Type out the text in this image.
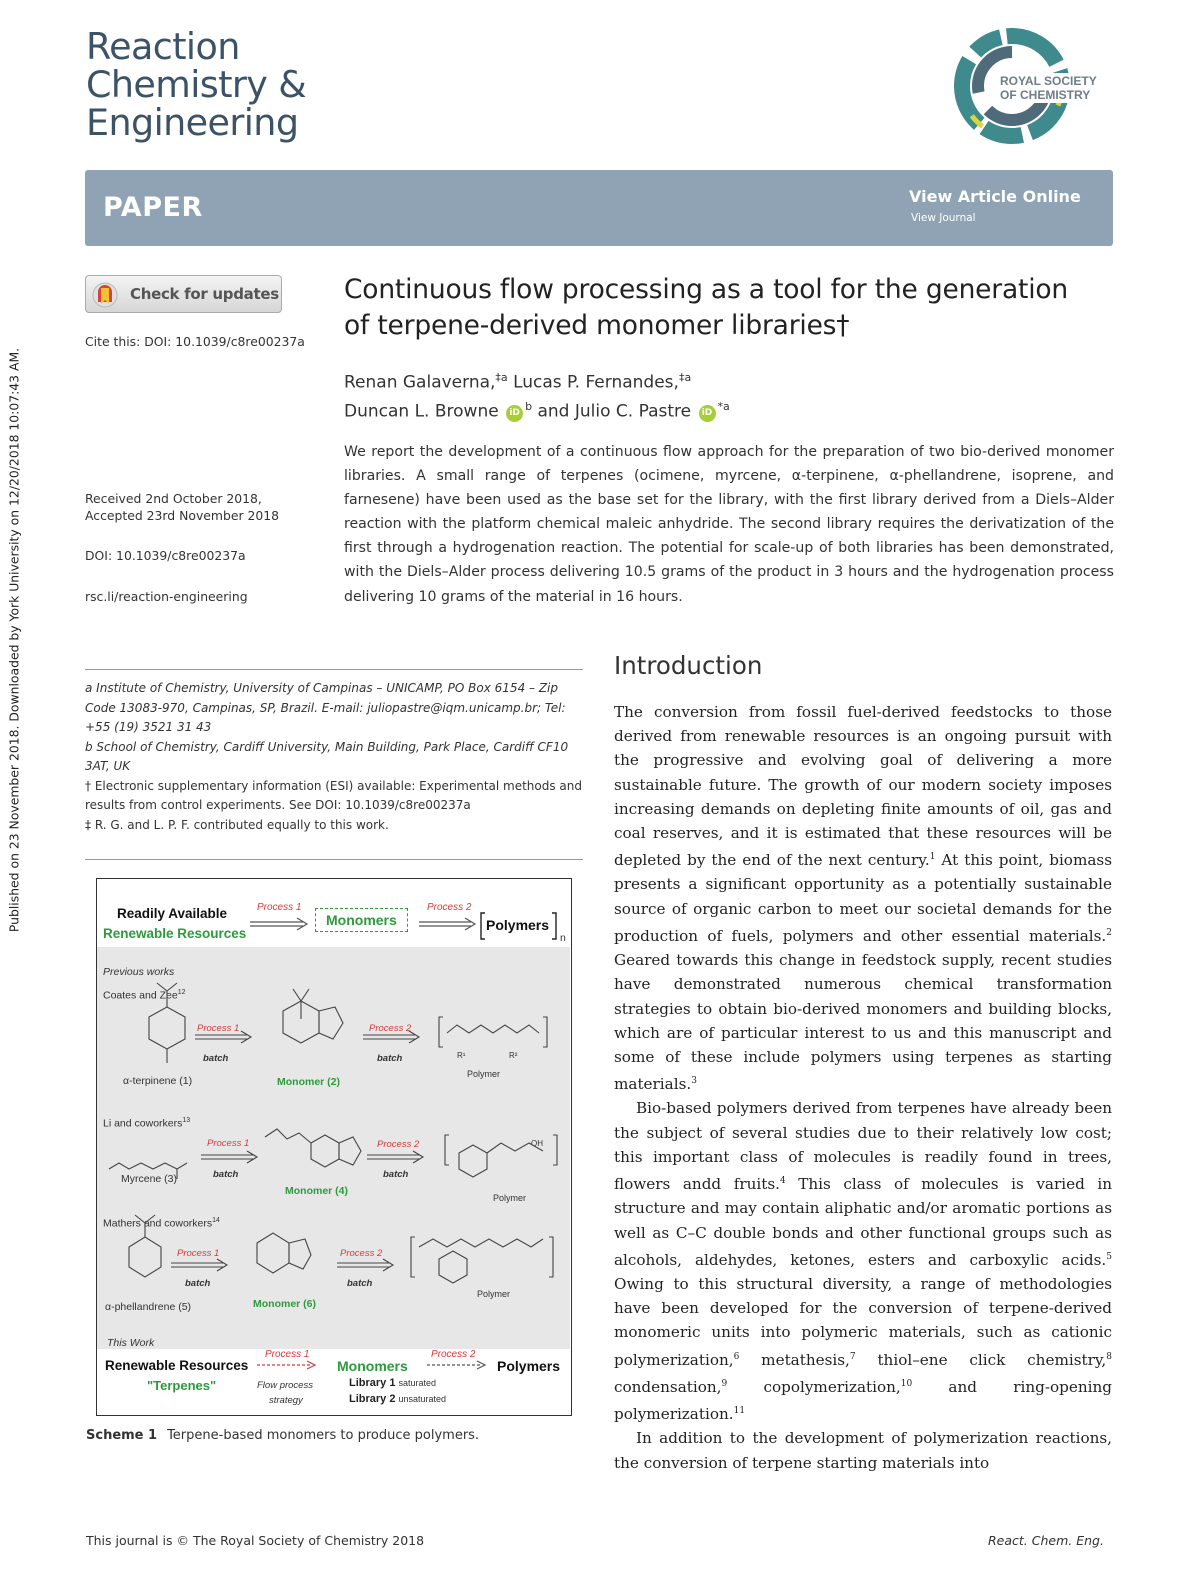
Published on 23 November 2018. Downloaded by York University on 12/20/2018 10:07:43 AM.
Reaction
Chemistry &
Engineering
ROYAL SOCIETY
OF CHEMISTRY
PAPER	View Article Online
View Journal
Check for updates
Cite this: DOI: 10.1039/c8re00237a
Received 2nd October 2018,
Accepted 23rd November 2018
DOI: 10.1039/c8re00237a
rsc.li/reaction-engineering
Continuous flow processing as a tool for the generation of terpene-derived monomer libraries†
Renan Galaverna,$^{\ddagger a}$ Lucas P. Fernandes,$^{\ddagger a}$
Duncan L. Browne $iD^b$ and Julio C. Pastre $iD^{*a}$
We report the development of a continuous flow approach for the preparation of two bio-derived monomer libraries. A small range of terpenes (ocimene, myrcene, α-terpinene, α-phellandrene, isoprene, and farnesene) have been used as the base set for the library, with the first library derived from a Diels–Alder reaction with the platform chemical maleic anhydride. The second library requires the derivatization of the first through a hydrogenation reaction. The potential for scale-up of both libraries has been demonstrated, with the Diels–Alder process delivering 10.5 grams of the product in 3 hours and the hydrogenation process delivering 10 grams of the material in 16 hours.

a Institute of Chemistry, University of Campinas – UNICAMP, PO Box 6154 – Zip Code 13083-970, Campinas, SP, Brazil. E-mail: juliopastre@iqm.unicamp.br; Tel: +55 (19) 3521 31 43

b School of Chemistry, Cardiff University, Main Building, Park Place, Cardiff CF10 3AT, UK

† Electronic supplementary information (ESI) available: Experimental methods and results from control experiments. See DOI: 10.1039/c8re00237a

‡ R. G. and L. P. F. contributed equally to this work.

Readily Available
Renewable Resources
Process 1	Process 2
Monomers	Polymers
n
Previous works
Coates and Zee$^{12}$
Process 1
batch
Process 2
batch
α-terpinene (1)	Monomer (2)
Polymer
R¹	R²
Li and coworkers$^{13}$
Process 1
batch
Process 2
batch
Myrcene (3)
Monomer (4)
Polymer
OH
Mathers and coworkers$^{14}$
Process 1
batch
Process 2
batch
α-phellandrene (5)	Monomer (6)
Polymer
This Work
Renewable Resources
"Terpenes"
Process 1
Flow process
strategy
Monomers
Library 1 saturated
Library 2 unsaturated
Process 2
Polymers
Scheme 1 Terpene-based monomers to produce polymers.
Introduction

The conversion from fossil fuel-derived feedstocks to those derived from renewable resources is an ongoing pursuit with the progressive and evolving goal of delivering a more sustainable future. The growth of our modern society imposes increasing demands on depleting finite amounts of oil, gas and coal reserves, and it is estimated that these resources will be depleted by the end of the next century.$^1$ At this point, biomass presents a significant opportunity as a potentially sustainable source of organic carbon to meet our societal demands for the production of fuels, polymers and other essential materials.$^2$ Geared towards this change in feedstock supply, recent studies have demonstrated numerous chemical transformation strategies to obtain bio-derived monomers and building blocks, which are of particular interest to us and this manuscript and some of these include polymers using terpenes as starting materials.$^3$

Bio-based polymers derived from terpenes have already been the subject of several studies due to their relatively low cost; this important class of molecules is readily found in trees, flowers andd fruits.$^4$ This class of molecules is varied in structure and may contain aliphatic and/or aromatic portions as well as C–C double bonds and other functional groups such as alcohols, aldehydes, ketones, esters and carboxylic acids.$^5$ Owing to this structural diversity, a range of methodologies have been developed for the conversion of terpene-derived monomeric units into polymeric materials, such as cationic polymerization,$^6$ metathesis,$^7$ thiol–ene click chemistry,$^8$ condensation,$^9$ copolymerization,$^{10}$ and ring-opening polymerization.$^{11}$

In addition to the development of polymerization reactions, the conversion of terpene starting materials into

This journal is © The Royal Society of Chemistry 2018	React. Chem. Eng.
